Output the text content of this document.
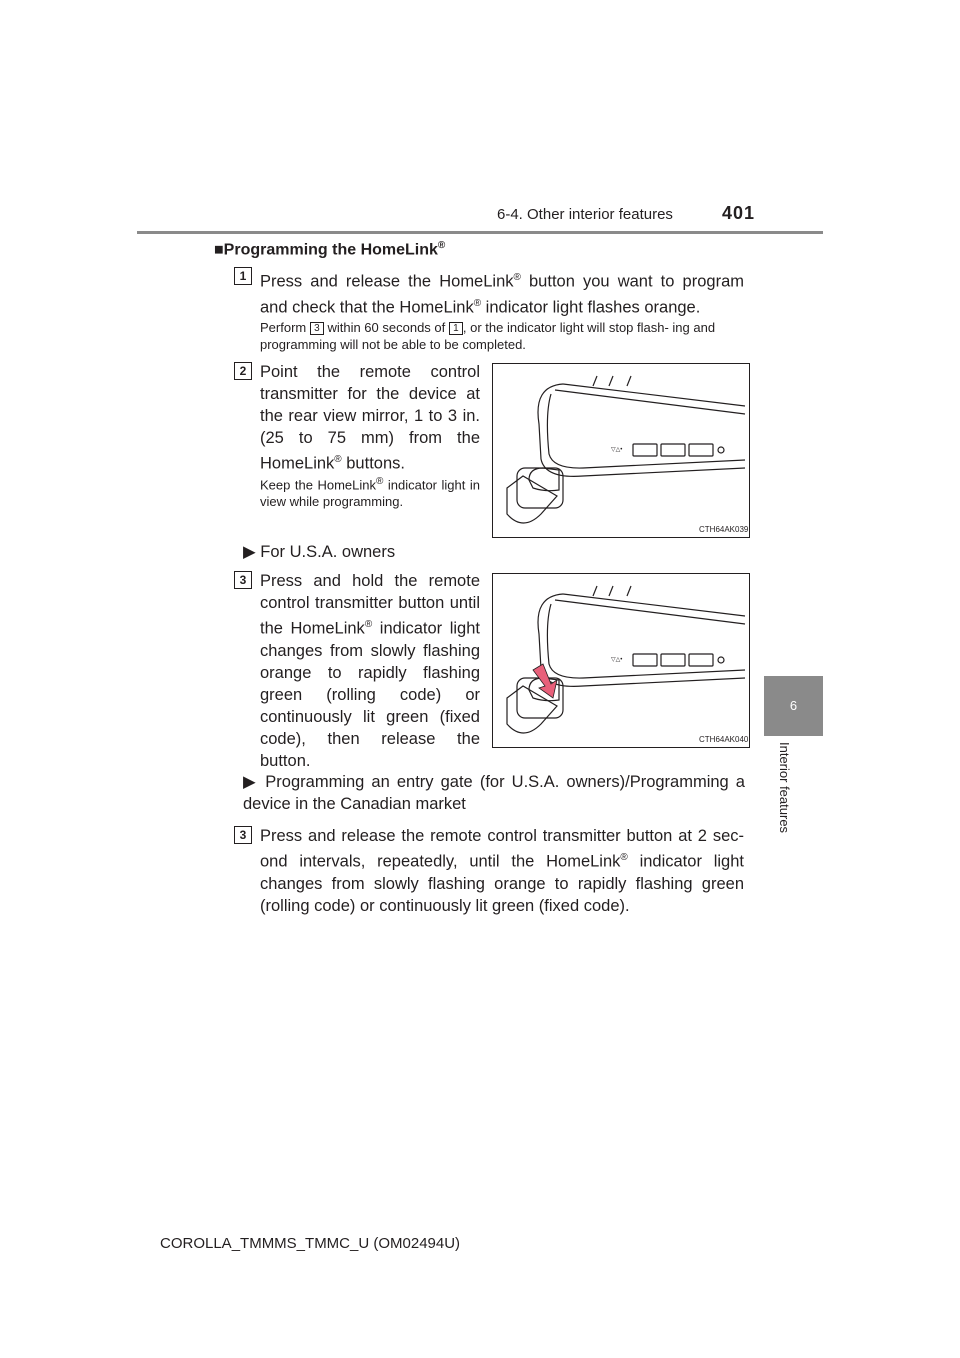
6-4. Other interior features	401
6
Interior features
■Programming the HomeLink®
1 Press and release the HomeLink® button you want to program and check that the HomeLink® indicator light flashes orange.
Perform 3 within 60 seconds of 1 , or the indicator light will stop flash- ing and programming will not be able to be completed.
2 Point the remote control transmitter for the device at the rear view mirror, 1 to 3 in. (25 to 75 mm) from the HomeLink® buttons.
Keep the HomeLink® indicator light in view while programming.
▽△•
CTH64AK039
▶ For U.S.A. owners
3 Press and hold the remote control transmitter button until the HomeLink® indicator light changes from slowly flashing orange to rapidly flashing green (rolling code) or continuously lit green (fixed code), then release the button.
▽△•
CTH64AK040
▶ Programming an entry gate (for U.S.A. owners)/Programming a device in the Canadian market
3 Press and release the remote control transmitter button at 2 sec- ond intervals, repeatedly, until the HomeLink® indicator light changes from slowly flashing orange to rapidly flashing green (rolling code) or continuously lit green (fixed code).
COROLLA_TMMMS_TMMC_U (OM02494U)
